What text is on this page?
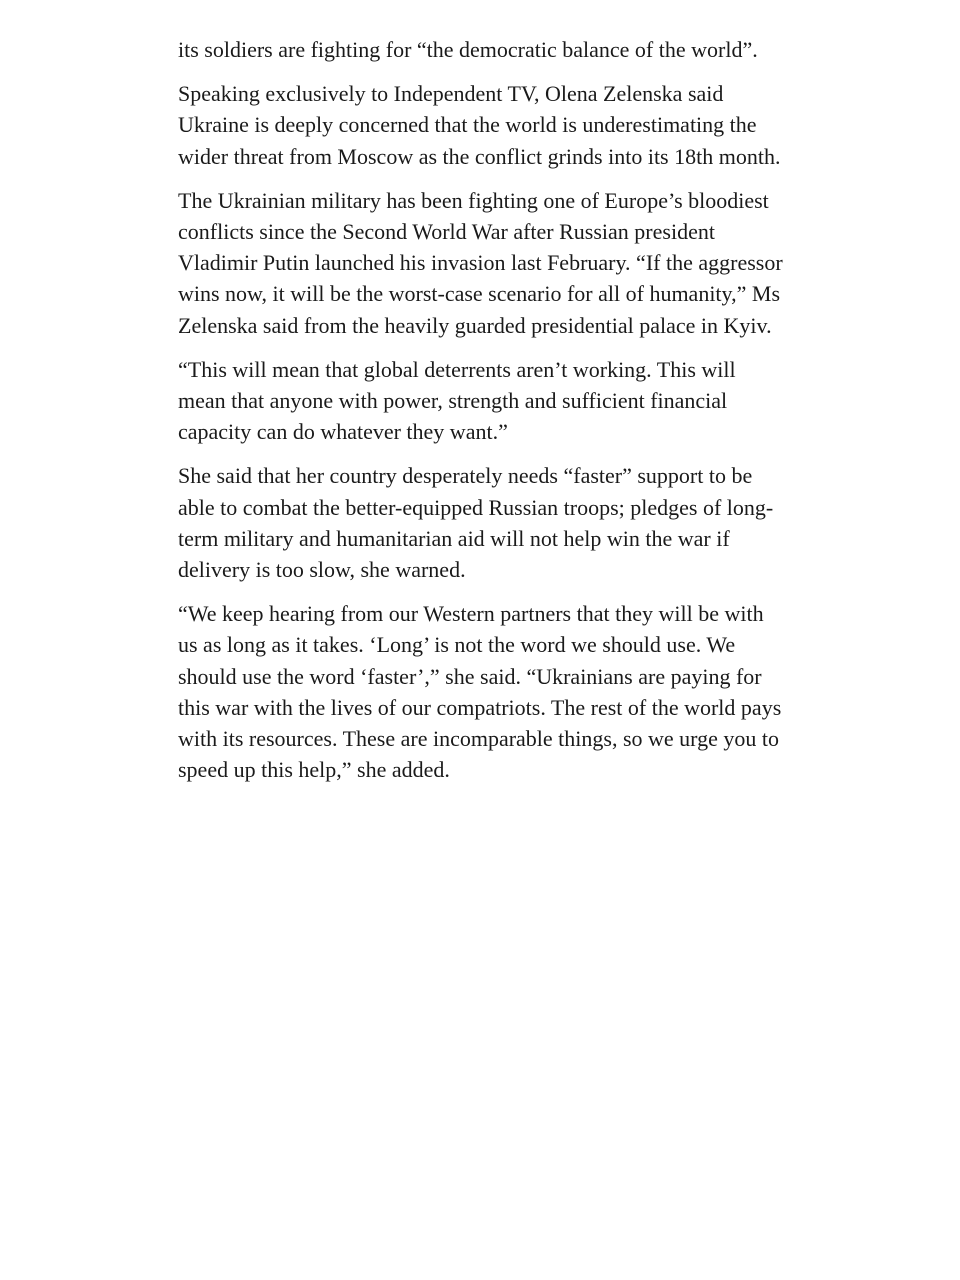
its soldiers are fighting for “the democratic balance of the world”.

Speaking exclusively to Independent TV, Olena Zelenska said Ukraine is deeply concerned that the world is underestimating the wider threat from Moscow as the conflict grinds into its 18th month.

The Ukrainian military has been fighting one of Europe’s bloodiest conflicts since the Second World War after Russian president Vladimir Putin launched his invasion last February. “If the aggressor wins now, it will be the worst-case scenario for all of humanity,” Ms Zelenska said from the heavily guarded presidential palace in Kyiv.

“This will mean that global deterrents aren’t working. This will mean that anyone with power, strength and sufficient financial capacity can do whatever they want.”

She said that her country desperately needs “faster” support to be able to combat the better-equipped Russian troops; pledges of long-term military and humanitarian aid will not help win the war if delivery is too slow, she warned.

“We keep hearing from our Western partners that they will be with us as long as it takes. ‘Long’ is not the word we should use. We should use the word ‘faster’,” she said. “Ukrainians are paying for this war with the lives of our compatriots. The rest of the world pays with its resources. These are incomparable things, so we urge you to speed up this help,” she added.
